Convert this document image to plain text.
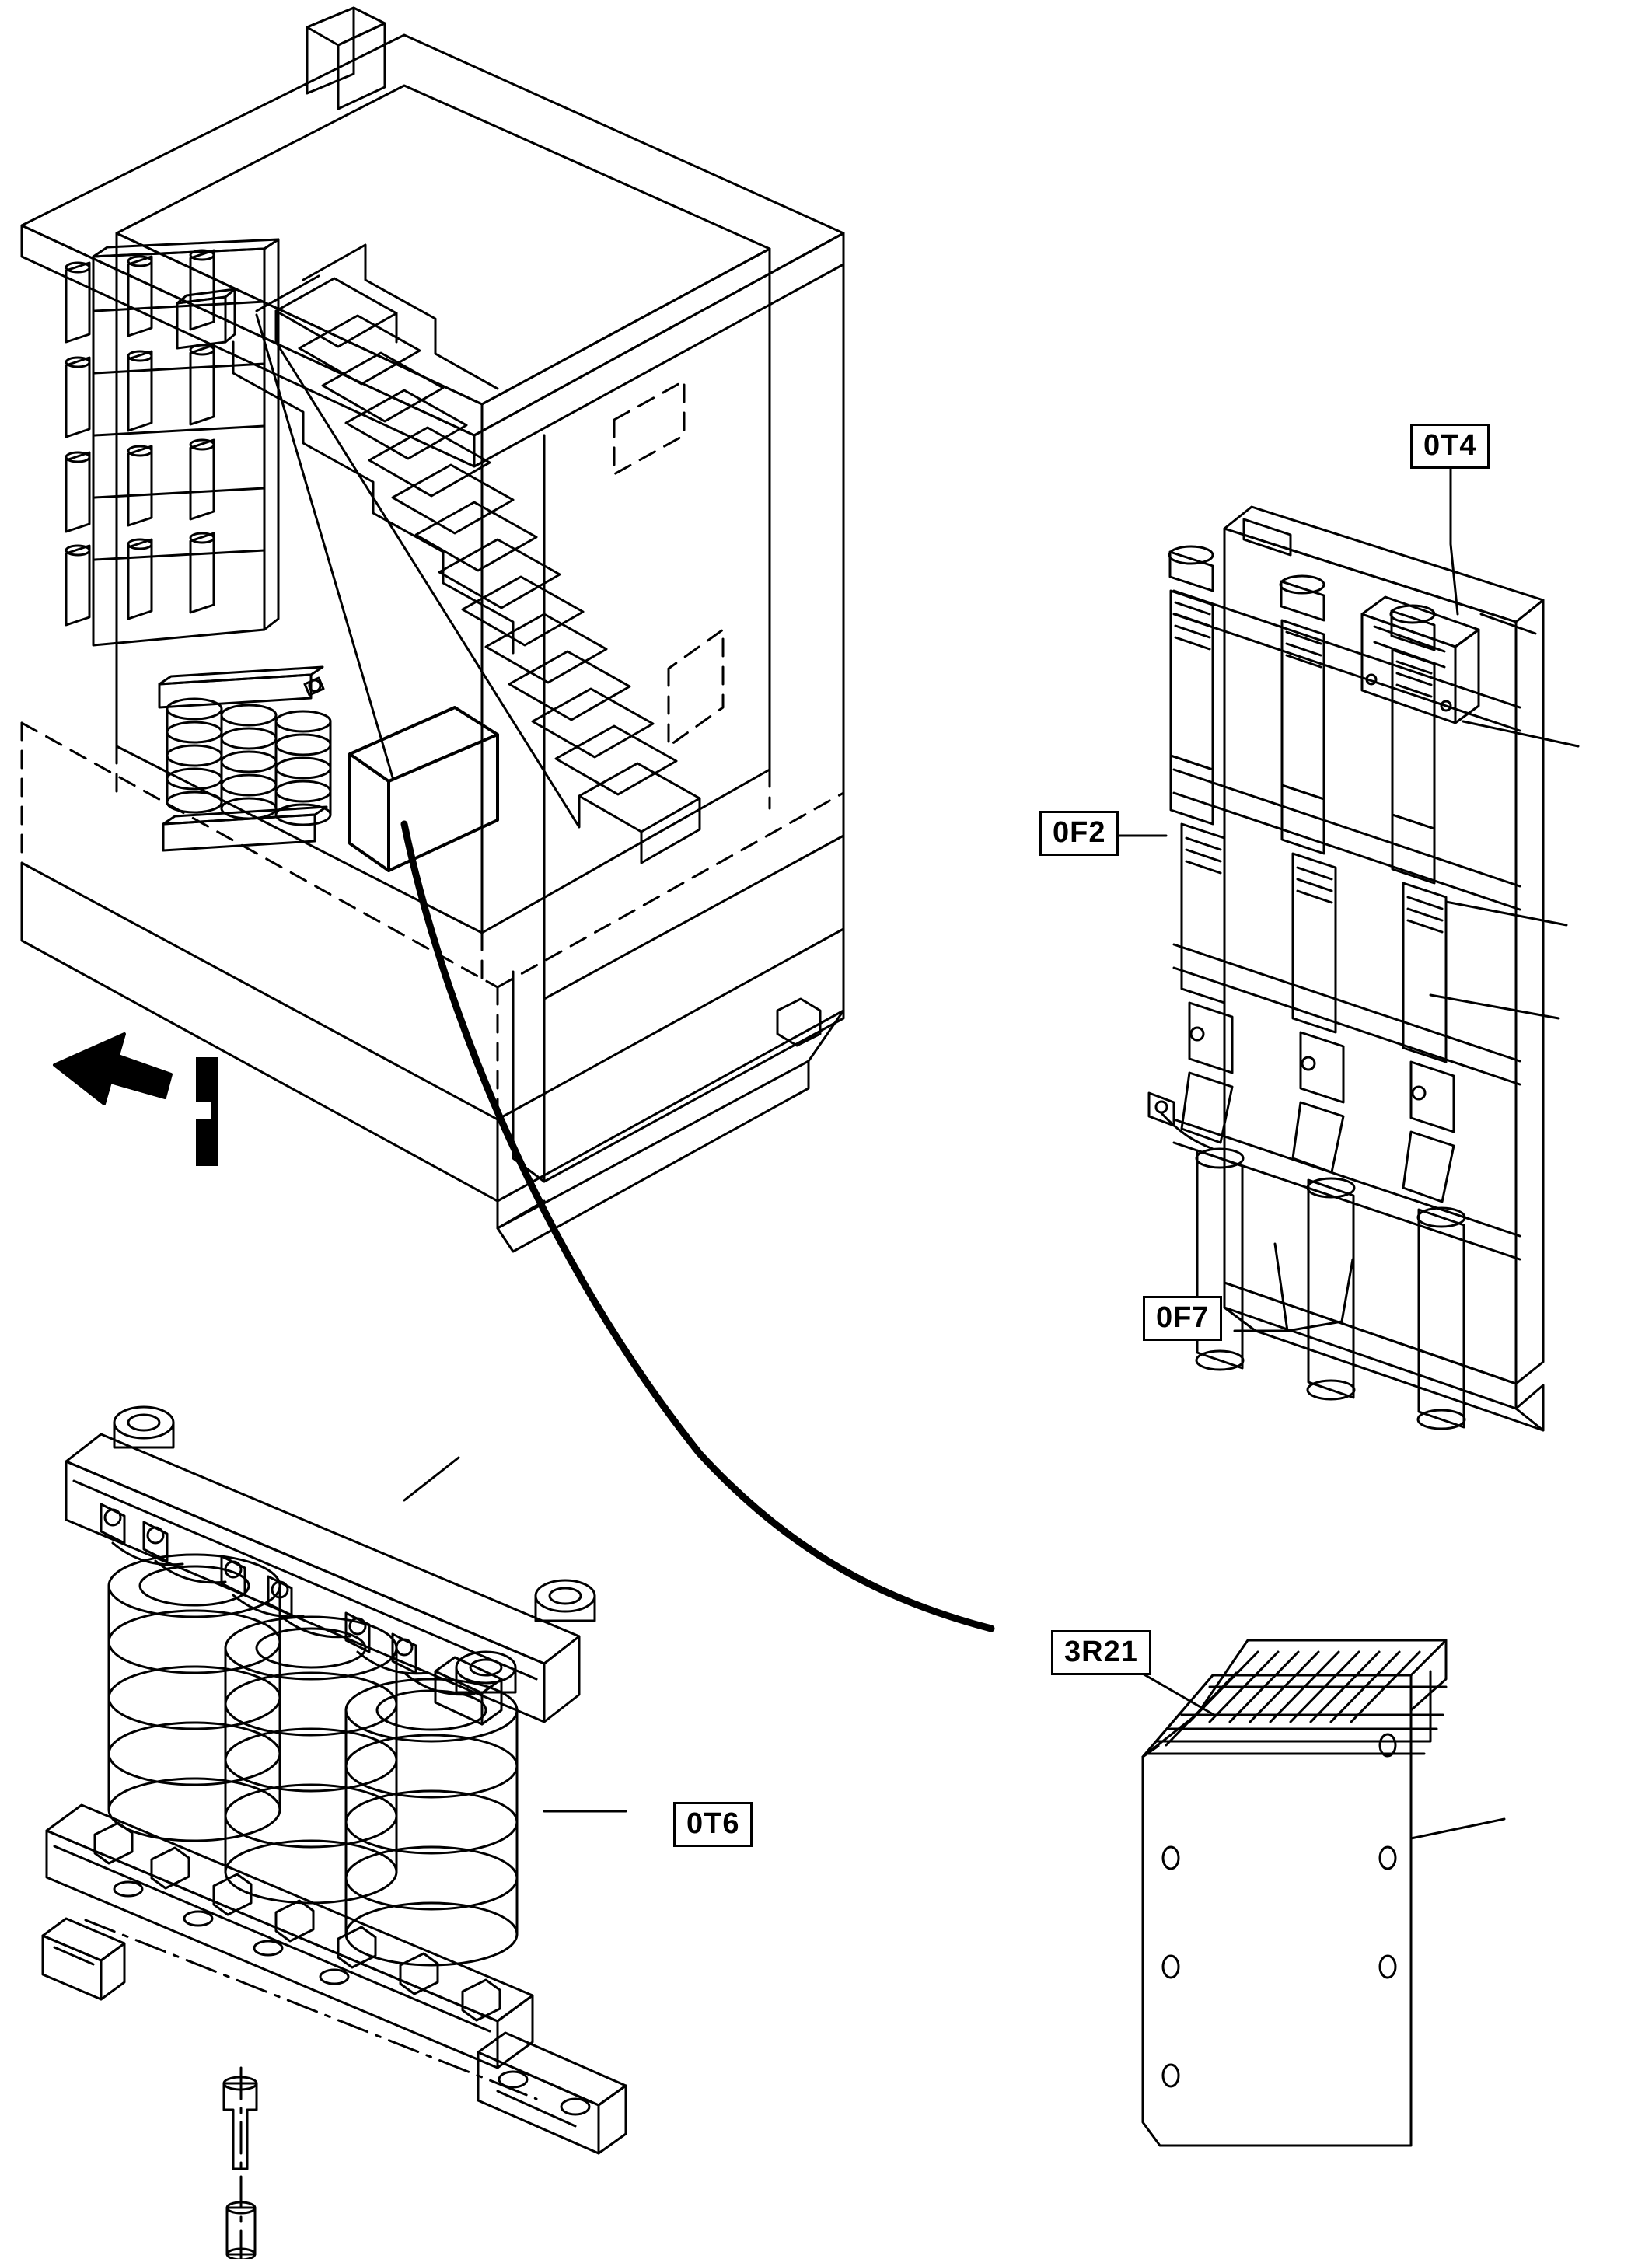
0T4
0F2
0F7
0T6
3R21
